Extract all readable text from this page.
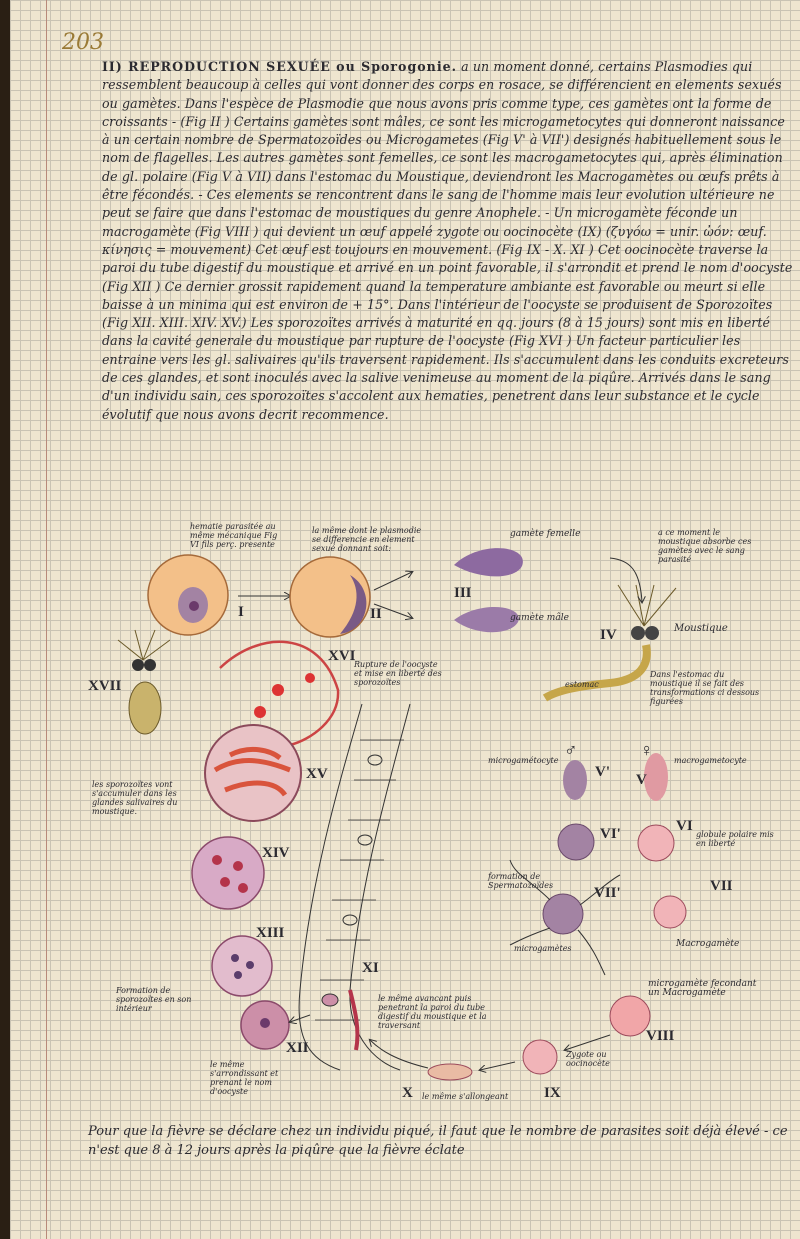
203
II) REPRODUCTION SEXUÉE ou Sporogonie. a un moment donné, certains Plasmodies qui ressemblent beaucoup à celles qui vont donner des corps en rosace, se différencient en elements sexués ou gamètes. Dans l'espèce de Plasmodie que nous avons pris comme type, ces gamètes ont la forme de croissants - (Fig II ) Certains gamètes sont mâles, ce sont les microgametocytes qui donneront naissance à un certain nombre de Spermatozoïdes ou Microgametes (Fig V' à VII') designés habituellement sous le nom de flagelles. Les autres gamètes sont femelles, ce sont les macrogametocytes qui, après élimination de gl. polaire (Fig V à VII) dans l'estomac du Moustique, deviendront les Macrogamètes ou œufs prêts à être fécondés. - Ces elements se rencontrent dans le sang de l'homme mais leur evolution ultérieure ne peut se faire que dans l'estomac de moustiques du genre Anophele. - Un microgamète féconde un macrogamète (Fig VIII ) qui devient un œuf appelé zygote ou oocinocète (IX) (ζυγόω = unir. ὠόν: œuf. κίνησις = mouvement) Cet œuf est toujours en mouvement. (Fig IX - X. XI ) Cet oocinocète traverse la paroi du tube digestif du moustique et arrivé en un point favorable, il s'arrondit et prend le nom d'oocyste (Fig XII ) Ce dernier grossit rapidement quand la temperature ambiante est favorable ou meurt si elle baisse à un minima qui est environ de + 15°. Dans l'intérieur de l'oocyste se produisent de Sporozoïtes (Fig XII. XIII. XIV. XV.) Les sporozoïtes arrivés à maturité en qq. jours (8 à 15 jours) sont mis en liberté dans la cavité generale du moustique par rupture de l'oocyste (Fig XVI ) Un facteur particulier les entraine vers les gl. salivaires qu'ils traversent rapidement. Ils s'accumulent dans les conduits excreteurs de ces glandes, et sont inoculés avec la salive venimeuse au moment de la piqûre. Arrivés dans le sang d'un individu sain, ces sporozoïtes s'accolent aux hematies, penetrent dans leur substance et le cycle évolutif que nous avons decrit recommence.
I	II
III
IV
V
V'
VI
VI'
VII
VII'
VIII
IX
X
XI
XII
XIII
XIV
XV
XVI
XVII
♂	♀
hematie parasitée au même mécanique Fig VI fils perç. presente
la même dont le plasmodie se differencie en element sexué donnant soit:
gamète femelle
gamète mâle
a ce moment le moustique absorbe ces gamètes avec le sang parasité
Moustique
estomac
Dans l'estomac du moustique il se fait des transformations ci dessous figurées
microgamétocyte	macrogametocyte
globule polaire mis en liberté
formation de Spermatozoïdes
microgamètes	Macrogamète
microgamète fecondant un Macrogamète
Zygote ou oocinocète
le même s'allongeant
le même avancant puis penetrant la paroi du tube digestif du moustique et la traversant
le même s'arrondissant et prenant le nom d'oocyste
Formation de sporozoïtes en son intérieur
Rupture de l'oocyste et mise en liberté des sporozoïtes
les sporozoïtes vont s'accumuler dans les glandes salivaires du moustique.
Pour que la fièvre se déclare chez un individu piqué, il faut que le nombre de parasites soit déjà élevé - ce n'est que 8 à 12 jours après la piqûre que la fièvre éclate
